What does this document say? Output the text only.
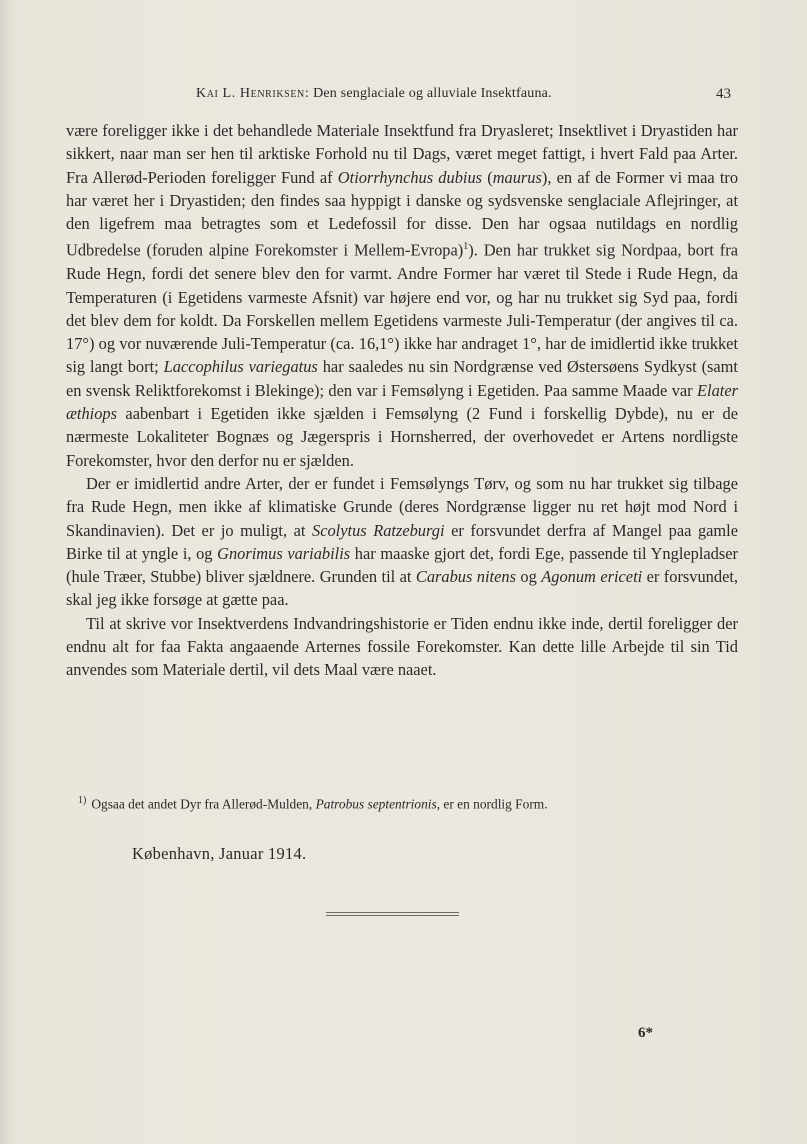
Kai L. Henriksen: Den senglaciale og alluviale Insektfauna.	43

være foreligger ikke i det behandlede Materiale Insektfund fra Dryasleret; Insektlivet i Dryastiden har sikkert, naar man ser hen til arktiske Forhold nu til Dags, været meget fattigt, i hvert Fald paa Arter. Fra Allerød-Perioden foreligger Fund af Otiorrhynchus dubius (maurus), en af de Former vi maa tro har været her i Dryastiden; den findes saa hyppigt i danske og sydsvenske senglaciale Aflejringer, at den ligefrem maa betragtes som et Ledefossil for disse. Den har ogsaa nutildags en nordlig Udbredelse (foruden alpine Forekomster i Mellem-Evropa)$^1$). Den har trukket sig Nordpaa, bort fra Rude Hegn, fordi det senere blev den for varmt. Andre Former har været til Stede i Rude Hegn, da Temperaturen (i Egetidens varmeste Afsnit) var højere end vor, og har nu trukket sig Syd paa, fordi det blev dem for koldt. Da Forskellen mellem Egetidens varmeste Juli-Temperatur (der angives til ca. 17°) og vor nuværende Juli-Temperatur (ca. 16,1°) ikke har andraget 1°, har de imidlertid ikke trukket sig langt bort; Laccophilus variegatus har saaledes nu sin Nordgrænse ved Østersøens Sydkyst (samt en svensk Reliktforekomst i Blekinge); den var i Femsølyng i Egetiden. Paa samme Maade var Elater æthiops aabenbart i Egetiden ikke sjælden i Femsølyng (2 Fund i forskellig Dybde), nu er de nærmeste Lokaliteter Bognæs og Jægerspris i Hornsherred, der overhovedet er Artens nordligste Forekomster, hvor den derfor nu er sjælden.

Der er imidlertid andre Arter, der er fundet i Femsølyngs Tørv, og som nu har trukket sig tilbage fra Rude Hegn, men ikke af klimatiske Grunde (deres Nordgrænse ligger nu ret højt mod Nord i Skandinavien). Det er jo muligt, at Scolytus Ratzeburgi er forsvundet derfra af Mangel paa gamle Birke til at yngle i, og Gnorimus variabilis har maaske gjort det, fordi Ege, passende til Ynglepladser (hule Træer, Stubbe) bliver sjældnere. Grunden til at Carabus nitens og Agonum ericeti er forsvundet, skal jeg ikke forsøge at gætte paa.

Til at skrive vor Insektverdens Indvandringshistorie er Tiden endnu ikke inde, dertil foreligger der endnu alt for faa Fakta angaaende Arternes fossile Forekomster. Kan dette lille Arbejde til sin Tid anvendes som Materiale dertil, vil dets Maal være naaet.

$^{1)}$ Ogsaa det andet Dyr fra Allerød-Mulden, Patrobus septentrionis, er en nordlig Form.
København, Januar 1914.
6*
